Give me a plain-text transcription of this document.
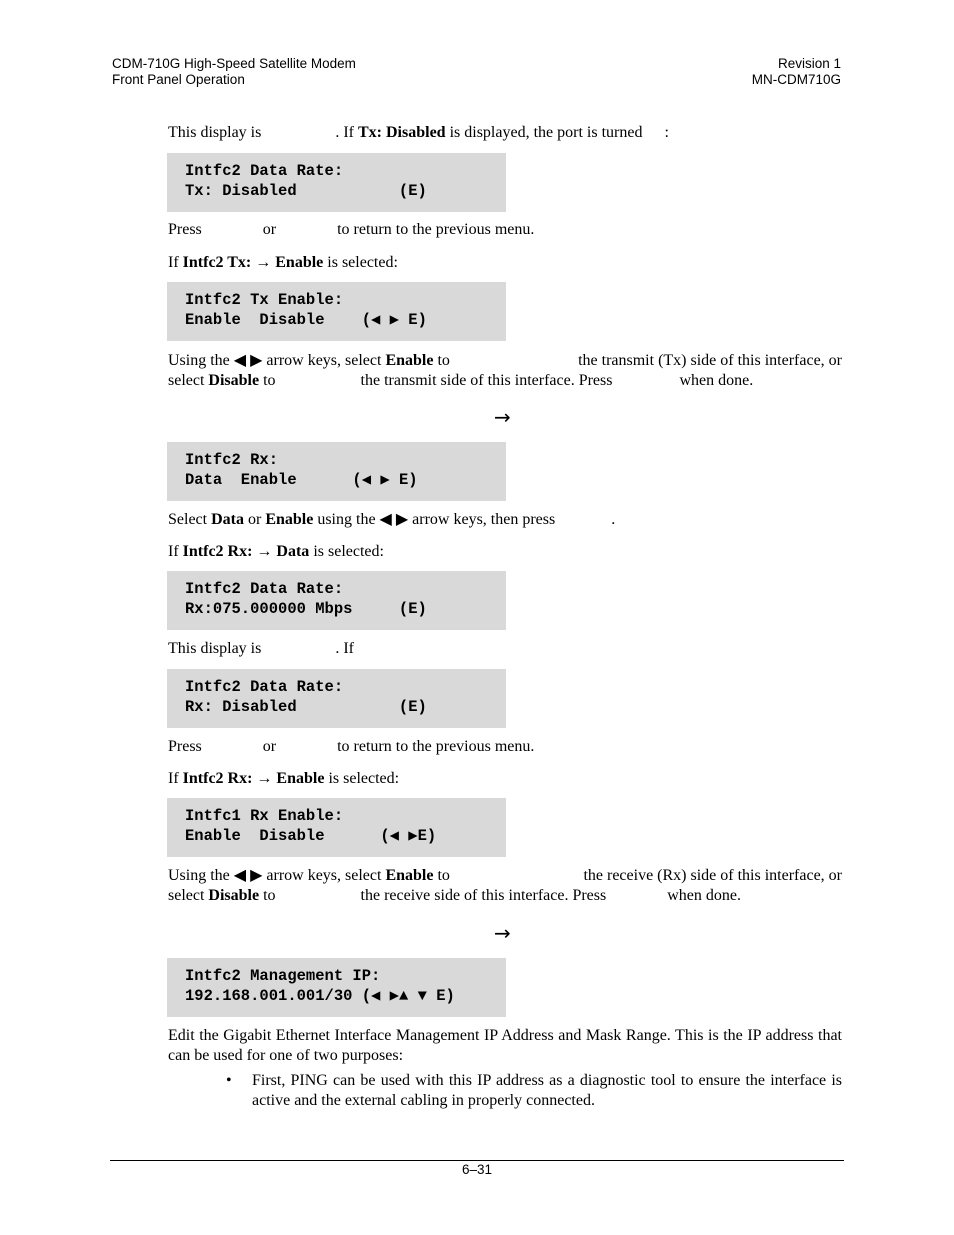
CDM-710G High-Speed Satellite Modem
Front Panel Operation
Revision 1
MN-CDM710G
This display is	. If Tx: Disabled is displayed, the port is turned :
Intfc2 Data Rate:
Tx: Disabled           (E)
Press	or	to return to the previous menu.
If Intfc2 Tx: → Enable is selected:
Intfc2 Tx Enable:
Enable  Disable    (◀ ▶ E)
Using the ◀ ▶ arrow keys, select Enable to	the transmit (Tx) side of this interface, or
select Disable to	the transmit side of this interface. Press	when done.
→
Intfc2 Rx:
Data  Enable      (◀ ▶ E)
Select Data or Enable using the ◀ ▶ arrow keys, then press	.
If Intfc2 Rx: → Data is selected:
Intfc2 Data Rate:
Rx:075.000000 Mbps     (E)
This display is	. If
Intfc2 Data Rate:
Rx: Disabled           (E)
Press	or	to return to the previous menu.
If Intfc2 Rx: → Enable is selected:
Intfc1 Rx Enable:
Enable  Disable      (◀ ▶E)
Using the ◀ ▶ arrow keys, select Enable to	the receive (Rx) side of this interface, or
select Disable to	the receive side of this interface. Press	when done.
→
Intfc2 Management IP:
192.168.001.001/30 (◀ ▶▲ ▼ E)
Edit the Gigabit Ethernet Interface Management IP Address and Mask Range. This is the IP address that can be used for one of two purposes:
• First, PING can be used with this IP address as a diagnostic tool to ensure the interface is active and the external cabling in properly connected.
6–31
